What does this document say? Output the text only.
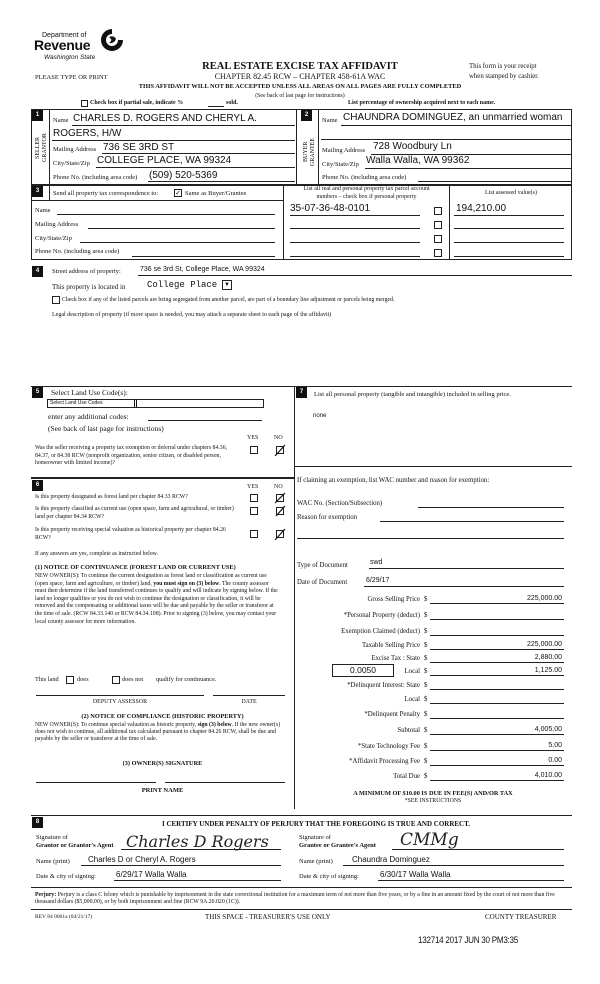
Department of
Revenue
Washington State
REAL ESTATE EXCISE TAX AFFIDAVIT
CHAPTER 82.45 RCW – CHAPTER 458-61A WAC
PLEASE TYPE OR PRINT
This form is your receipt
when stamped by cashier.
THIS AFFIDAVIT WILL NOT BE ACCEPTED UNLESS ALL AREAS ON ALL PAGES ARE FULLY COMPLETED
(See back of last page for instructions)
Check box if partial sale, indicate %	sold.	List percentage of ownership acquired next to each name.
1
SELLER GRANTOR
Name CHARLES D. ROGERS AND CHERYL A.
ROGERS, H/W
Mailing Address 736 SE 3RD ST
City/State/Zip COLLEGE PLACE, WA 99324
Phone No. (including area code) (509) 520-5369
2
BUYER GRANTEE
Name CHAUNDRA DOMINGUEZ, an unmarried woman
Mailing Address 728 Woodbury Ln
City/State/Zip Walla Walla, WA 99362
Phone No. (including area code)
3	Send all property tax correspondence to: ✓ Same as Buyer/Grantee
Name
Mailing Address
City/State/Zip
Phone No. (including area code)
List all real and personal property tax parcel account
numbers – check box if personal property
List assessed value(s)
35-07-36-48-0101	194,210.00
4	Street address of property:	736 se 3rd St, College Place, WA 99324
This property is located in College Place	▼
Check box if any of the listed parcels are being segregated from another parcel, are part of a boundary line adjustment or parcels being merged.
Legal description of property (if more space is needed, you may attach a separate sheet to each page of the affidavit)
5	Select Land Use Code(s):
Select Land Use Codes
enter any additional codes:
(See back of last page for instructions)
YES	NO
Was the seller receiving a property tax exemption or deferral under chapters 84.36, 84.37, or 84.38 RCW (nonprofit organization, senior citizen, or disabled person, homeowner with limited income)?
6	YES	NO
Is this property designated as forest land per chapter 84.33 RCW?
Is this property classified as current use (open space, farm and agricultural, or timber) land per chapter 84.34 RCW?
Is this property receiving special valuation as historical property per chapter 84.26 RCW?
If any answers are yes, complete as instructed below.
(1) NOTICE OF CONTINUANCE (FOREST LAND OR CURRENT USE)
NEW OWNER(S): To continue the current designation as forest land or classification as current use (open space, farm and agriculture, or timber) land, you must sign on (3) below. The county assessor must then determine if the land transferred continues to qualify and will indicate by signing below. If the land no longer qualifies or you do not wish to continue the designation or classification, it will be removed and the compensating or additional taxes will be due and payable by the seller or transferor at the time of sale. (RCW 84.33.140 or RCW 84.34.108). Prior to signing (3) below, you may contact your local county assessor for more information.
This land	does	does not qualify for continuance.
DEPUTY ASSESSOR	DATE
(2) NOTICE OF COMPLIANCE (HISTORIC PROPERTY)
NEW OWNER(S): To continue special valuation as historic property, sign (3) below. If the new owner(s) does not wish to continue, all additional tax calculated pursuant to chapter 84.26 RCW, shall be due and payable by the seller or transferor at the time of sale.
(3) OWNER(S) SIGNATURE
PRINT NAME
7	List all personal property (tangible and intangible) included in selling price.
none
If claiming an exemption, list WAC number and reason for exemption:
WAC No. (Section/Subsection)
Reason for exemption
Type of Document	swd
Date of Document	6/29/17
Gross Selling Price $	225,000.00
*Personal Property (deduct) $
Exemption Claimed (deduct) $
Taxable Selling Price $	225,000.00
Excise Tax : State $	2,880.00
0.0050	Local $	1,125.00
*Delinquent Interest: State $
Local $
*Delinquent Penalty $
Subtotal $	4,005.00
*State Technology Fee $	5.00
*Affidavit Processing Fee $	0.00
Total Due $	4,010.00
A MINIMUM OF $10.00 IS DUE IN FEE(S) AND/OR TAX
*SEE INSTRUCTIONS
8	I CERTIFY UNDER PENALTY OF PERJURY THAT THE FOREGOING IS TRUE AND CORRECT.
Signature of
Grantor or Grantor's Agent Charles D Rogers
Name (print) Charles D or Cheryl A. Rogers
Date & city of signing:	6/29/17 Walla Walla
Signature of
Grantee or Grantee's Agent CMMg
Name (print) Chaundra Dominguez
Date & city of signing:	6/30/17 Walla Walla
Perjury: Perjury is a class C felony which is punishable by imprisonment in the state correctional institution for a maximum term of not more than five years, or by a fine in an amount fixed by the court of not more than five thousand dollars ($5,000.00), or by both imprisonment and fine (RCW 9A.20.020 (1C)).
REV 84 0001a (04/21/17)	THIS SPACE - TREASURER'S USE ONLY	COUNTY TREASURER
132714 2017 JUN 30 PM3:35
